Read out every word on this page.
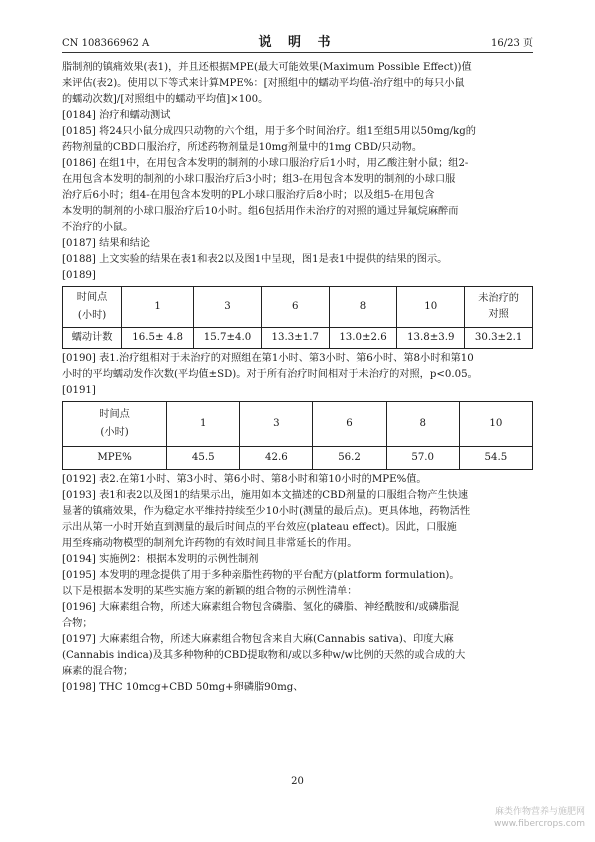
CN 108366962 A	说 明 书	16/23 页
脂制剂的镇痛效果(表1)，并且还根据MPE(最大可能效果(Maximum Possible Effect))值
来评估(表2)。使用以下等式来计算MPE%：[对照组中的蠕动平均值-治疗组中的每只小鼠
的蠕动次数]/[对照组中的蠕动平均值]×100。
[0184] 治疗和蠕动测试
[0185] 将24只小鼠分成四只动物的六个组，用于多个时间治疗。组1至组5用以50mg/kg的
药物剂量的CBD口服治疗，所述药物剂量是10mg剂量中的1mg CBD/只动物。
[0186] 在组1中，在用包含本发明的制剂的小球口服治疗后1小时，用乙酸注射小鼠；组2-
在用包含本发明的制剂的小球口服治疗后3小时；组3-在用包含本发明的制剂的小球口服
治疗后6小时；组4-在用包含本发明的PL小球口服治疗后8小时；以及组5-在用包含
本发明的制剂的小球口服治疗后10小时。组6包括用作未治疗的对照的通过异氟烷麻醉而
不治疗的小鼠。
[0187] 结果和结论
[0188] 上文实验的结果在表1和表2以及图1中呈现，图1是表1中提供的结果的图示。
[0189]
时间点
(小时)	1	3	6	8	10	未治疗的
对照
蠕动计数	16.5± 4.8	15.7±4.0	13.3±1.7	13.0±2.6	13.8±3.9	30.3±2.1
[0190] 表1.治疗组相对于未治疗的对照组在第1小时、第3小时、第6小时、第8小时和第10
小时的平均蠕动发作次数(平均值±SD)。对于所有治疗时间相对于未治疗的对照，p<0.05。
[0191]
时间点
(小时)	1	3	6	8	10
MPE%	45.5	42.6	56.2	57.0	54.5
[0192] 表2.在第1小时、第3小时、第6小时、第8小时和第10小时的MPE%值。
[0193] 表1和表2以及图1的结果示出，施用如本文描述的CBD剂量的口服组合物产生快速
显著的镇痛效果，作为稳定水平维持持续至少10小时(测量的最后点)。更具体地，药物活性
示出从第一小时开始直到测量的最后时间点的平台效应(plateau effect)。因此，口服施
用至疼痛动物模型的制剂允许药物的有效时间且非常延长的作用。
[0194] 实施例2：根据本发明的示例性制剂
[0195] 本发明的理念提供了用于多种亲脂性药物的平台配方(platform formulation)。
以下是根据本发明的某些实施方案的新颖的组合物的示例性清单：
[0196] 大麻素组合物，所述大麻素组合物包含磷脂、氢化的磷脂、神经酰胺和/或磷脂混
合物；
[0197] 大麻素组合物，所述大麻素组合物包含来自大麻(Cannabis sativa)、印度大麻
(Cannabis indica)及其多种物种的CBD提取物和/或以多种w/w比例的天然的或合成的大
麻素的混合物；
[0198] THC 10mcg+CBD 50mg+卵磷脂90mg、
20
麻类作物营养与施肥网
www.fibercrops.com
